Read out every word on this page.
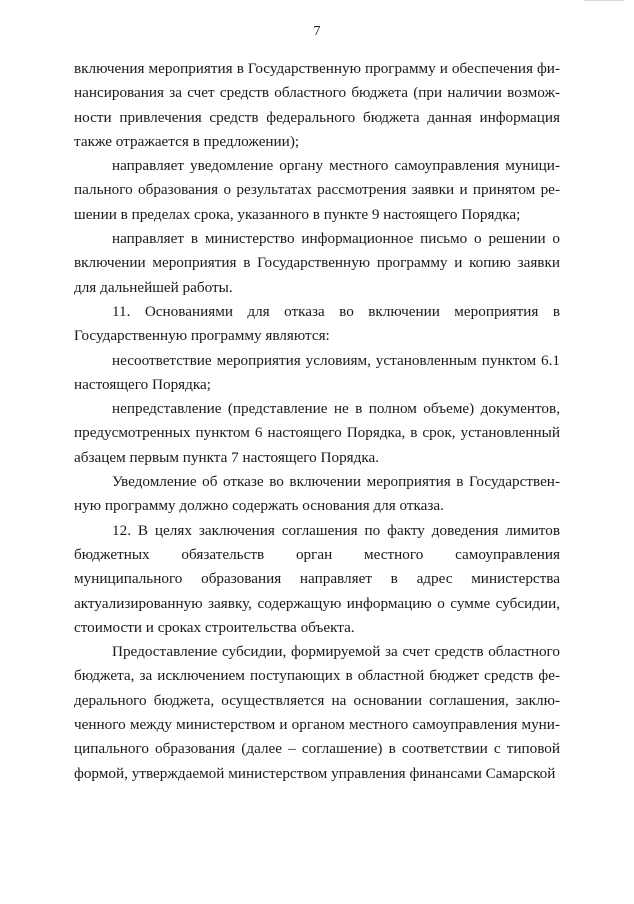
7

включения мероприятия в Государственную программу и обеспечения финансирования за счет средств областного бюджета (при наличии возможности привлечения средств федерального бюджета данная информация также отражается в предложении);

направляет уведомление органу местного самоуправления муниципального образования о результатах рассмотрения заявки и принятом решении в пределах срока, указанного в пункте 9 настоящего Порядка;

направляет в министерство информационное письмо о решении о включении мероприятия в Государственную программу и копию заявки для дальнейшей работы.

11. Основаниями для отказа во включении мероприятия в Государственную программу являются:

несоответствие мероприятия условиям, установленным пунктом 6.1 настоящего Порядка;

непредставление (представление не в полном объеме) документов, предусмотренных пунктом 6 настоящего Порядка, в срок, установленный абзацем первым пункта 7 настоящего Порядка.

Уведомление об отказе во включении мероприятия в Государственную программу должно содержать основания для отказа.

12. В целях заключения соглашения по факту доведения лимитов бюджетных обязательств орган местного самоуправления муниципального образования направляет в адрес министерства актуализированную заявку, содержащую информацию о сумме субсидии, стоимости и сроках строительства объекта.

Предоставление субсидии, формируемой за счет средств областного бюджета, за исключением поступающих в областной бюджет средств федерального бюджета, осуществляется на основании соглашения, заключенного между министерством и органом местного самоуправления муниципального образования (далее – соглашение) в соответствии с типовой формой, утверждаемой министерством управления финансами Самарской
